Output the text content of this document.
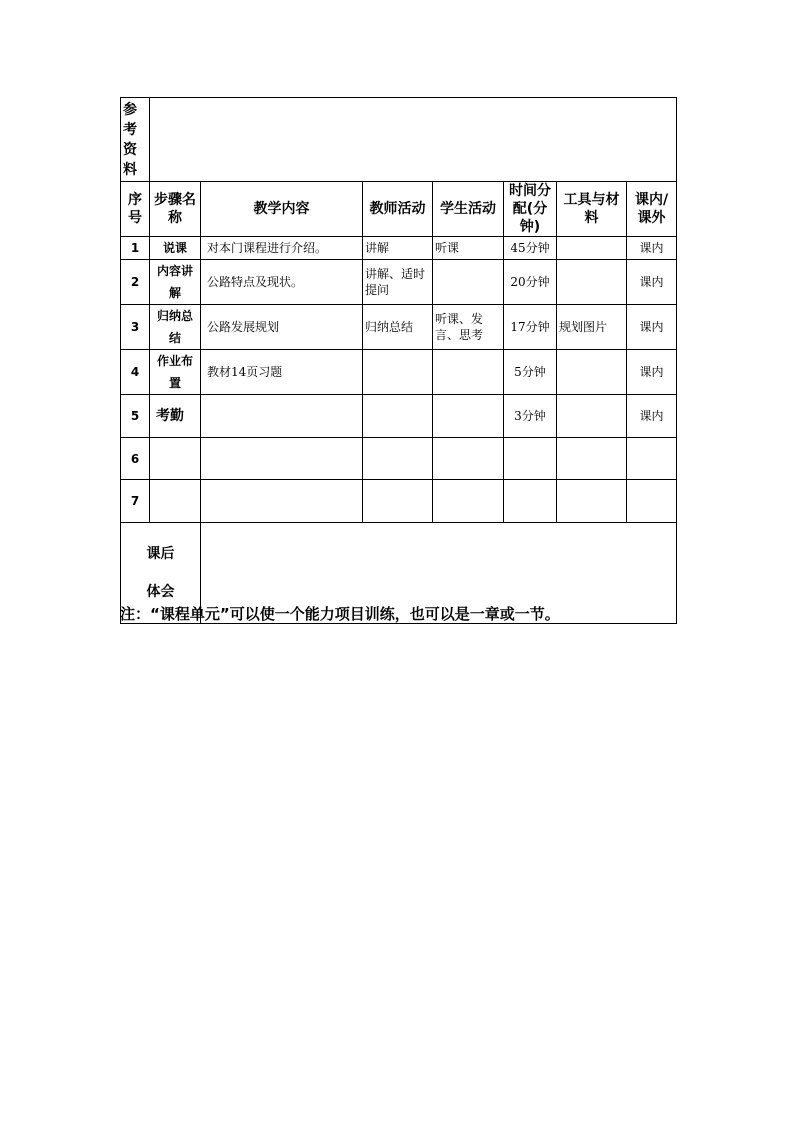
参考资料							
序号	步骤名称	教学内容	教师活动	学生活动	时间分配(分钟)	工具与材料	课内/课外
1	说课	对本门课程进行介绍。	讲解	听课	45分钟		课内
2	内容讲解	公路特点及现状。	讲解、适时提问		20分钟		课内
3	归纳总结	公路发展规划	归纳总结	听课、发言、思考	17分钟	规划图片	课内
4	作业布置	教材14页习题			5分钟		课内
5	考勤				3分钟		课内
6							
7							

课后体会							

注：“课程单元”可以使一个能力项目训练，也可以是一章或一节。
